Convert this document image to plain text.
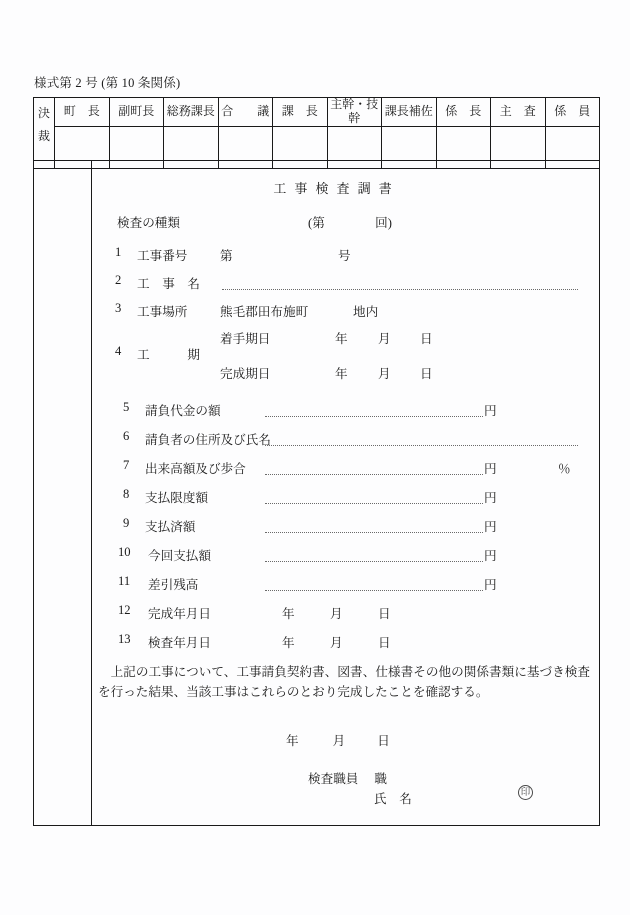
様式第 2 号 (第 10 条関係)
決	町　長	副町長	総務課長	合　　議	課　長	主幹・技幹	課長補佐	係　長	主　査	係　員
裁										
工事検査調書
検査の種類	(第　　　　回)
1 工事番号	第	号
2 工　事　名
3 工事場所	熊毛郡田布施町	地内
4 工　　　期
着手期日	年 月 日
完成期日	年 月 日
5 請負代金の額	円
6 請負者の住所及び氏名
7 出来高額及び歩合	円	％
8 支払限度額	円
9 支払済額	円
10 今回支払額	円
11 差引残高	円
12 完成年月日	年	月	日
13 検査年月日	年	月	日
上記の工事について、工事請負契約書、図書、仕様書その他の関係書類に基づき検査を行った結果、当該工事はこれらのとおり完成したことを確認する。
年	月	日
検査職員 職
氏　名	印
